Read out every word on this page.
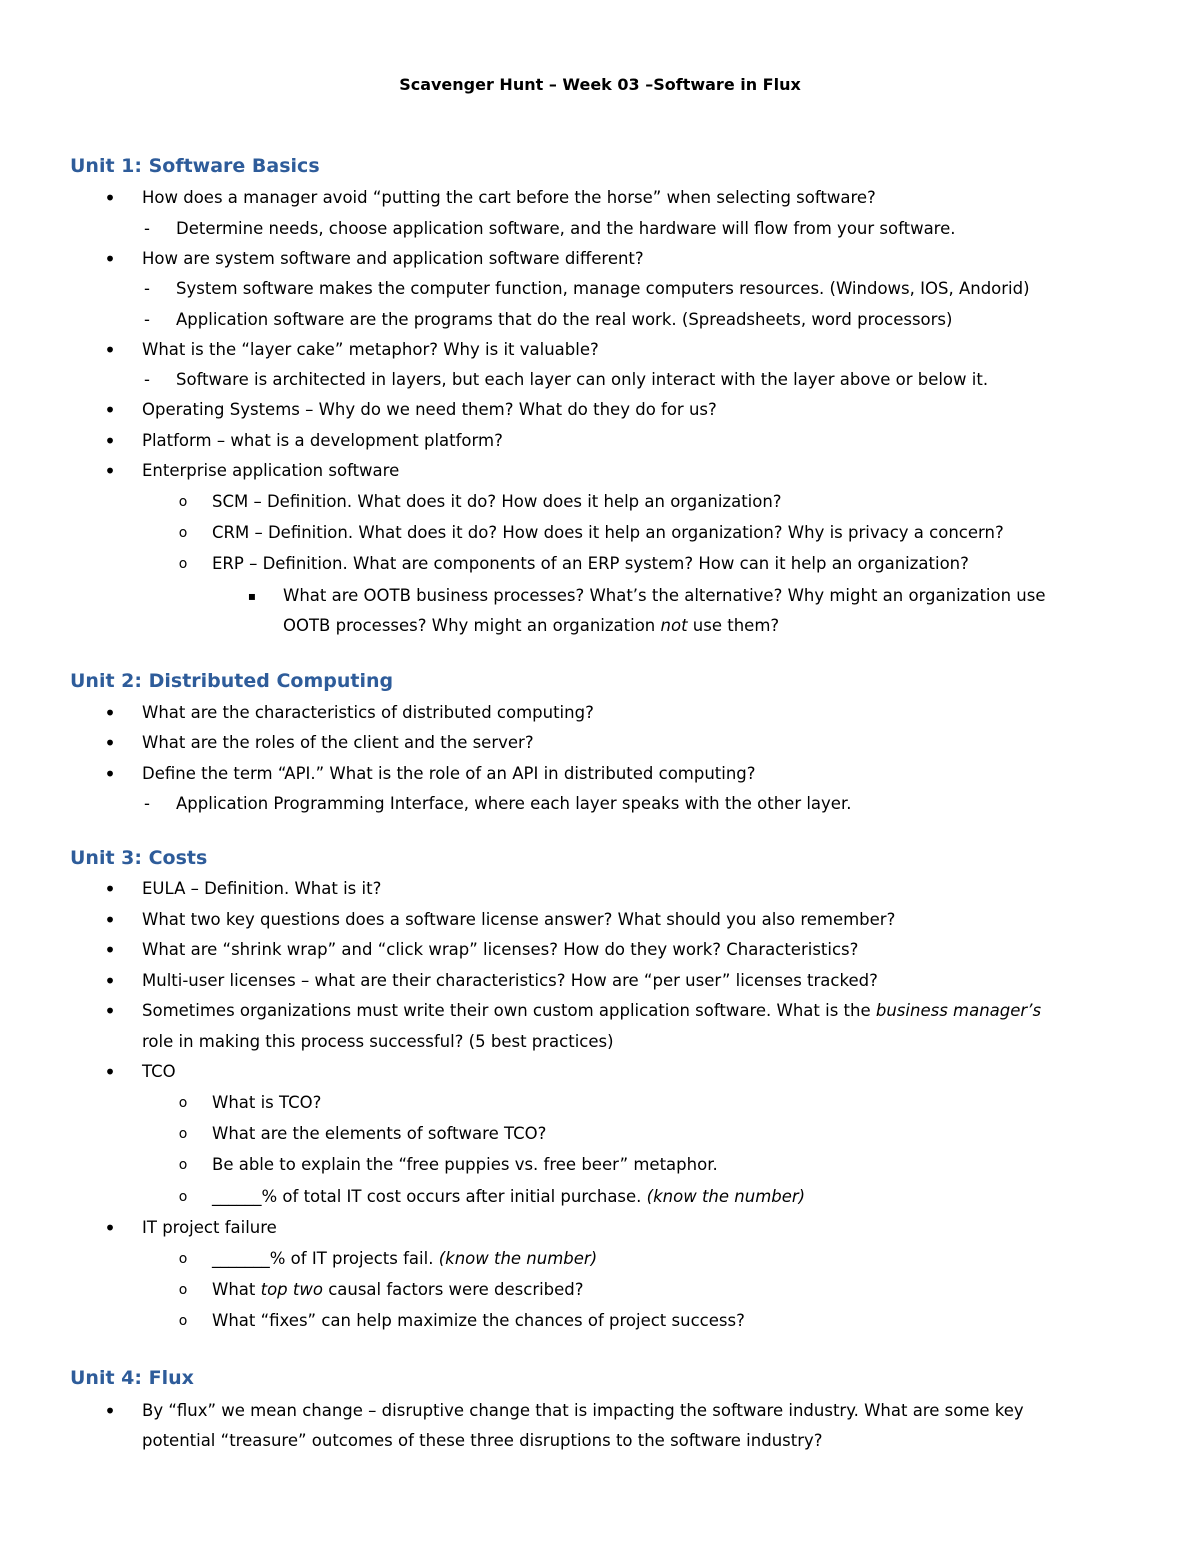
Scavenger Hunt – Week 03 –Software in Flux
Unit 1: Software Basics
• How does a manager avoid “putting the cart before the horse” when selecting software?
-	Determine needs, choose application software, and the hardware will flow from your software.
• How are system software and application software different?
-	System software makes the computer function, manage computers resources. (Windows, IOS, Andorid)
-	Application software are the programs that do the real work. (Spreadsheets, word processors)
• What is the “layer cake” metaphor? Why is it valuable?
-	Software is architected in layers, but each layer can only interact with the layer above or below it.
• Operating Systems – Why do we need them? What do they do for us?
• Platform – what is a development platform?
• Enterprise application software
o SCM – Definition. What does it do? How does it help an organization?
o CRM – Definition. What does it do? How does it help an organization? Why is privacy a concern?
o ERP – Definition. What are components of an ERP system? How can it help an organization?
▪ What are OOTB business processes? What’s the alternative? Why might an organization use
OOTB processes? Why might an organization not use them?
Unit 2: Distributed Computing
• What are the characteristics of distributed computing?
• What are the roles of the client and the server?
• Define the term “API.” What is the role of an API in distributed computing?
-	Application Programming Interface, where each layer speaks with the other layer.
Unit 3: Costs
• EULA – Definition. What is it?
• What two key questions does a software license answer? What should you also remember?
• What are “shrink wrap” and “click wrap” licenses? How do they work? Characteristics?
• Multi-user licenses – what are their characteristics? How are “per user” licenses tracked?
• Sometimes organizations must write their own custom application software. What is the business manager’s
role in making this process successful? (5 best practices)
• TCO
o What is TCO?
o What are the elements of software TCO?
o Be able to explain the “free puppies vs. free beer” metaphor.
o ______% of total IT cost occurs after initial purchase. (know the number)
• IT project failure
o _______% of IT projects fail. (know the number)
o What top two causal factors were described?
o What “fixes” can help maximize the chances of project success?
Unit 4: Flux
• By “flux” we mean change – disruptive change that is impacting the software industry. What are some key
potential “treasure” outcomes of these three disruptions to the software industry?
